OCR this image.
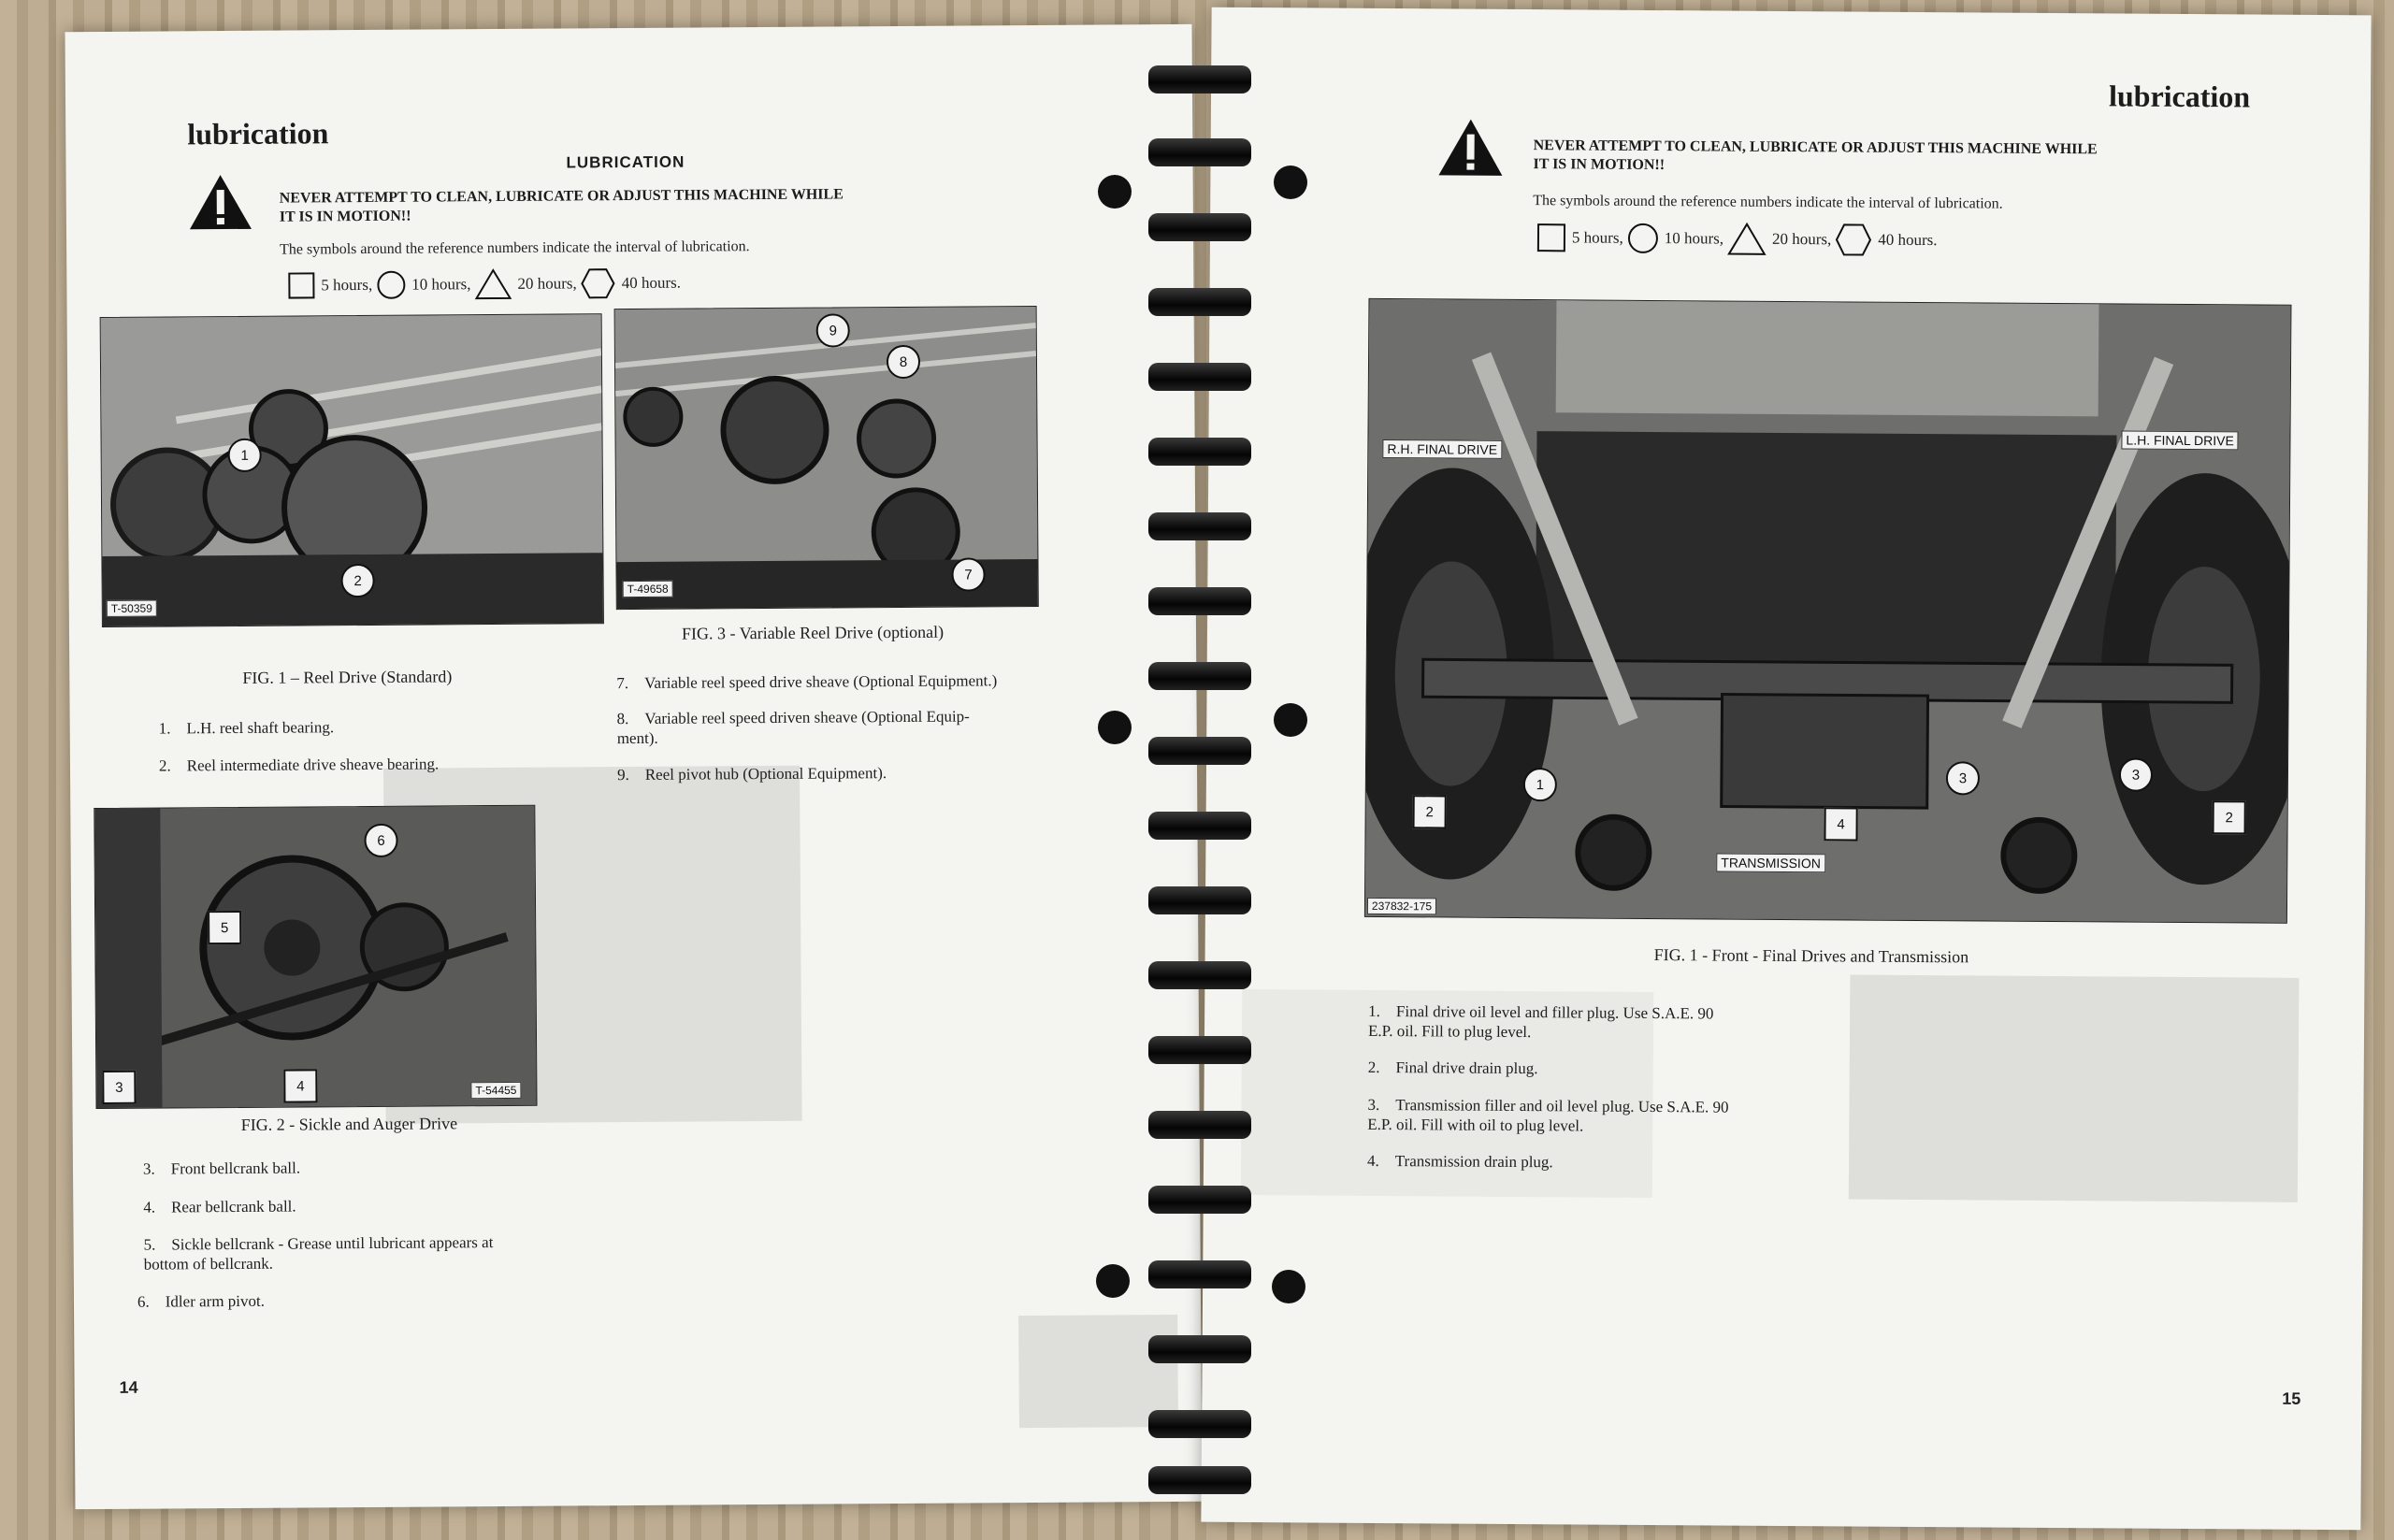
lubrication
LUBRICATION
NEVER ATTEMPT TO CLEAN, LUBRICATE OR ADJUST THIS MACHINE WHILE
IT IS IN MOTION!!
The symbols around the reference numbers indicate the interval of lubrication.
5 hours, 10 hours,	20 hours,	40 hours.
1
2
T-50359
FIG. 1 – Reel Drive (Standard)
9
8
7
T-49658
FIG. 3 - Variable Reel Drive (optional)
1. L.H. reel shaft bearing.
2. Reel intermediate drive sheave bearing.
7. Variable reel speed drive sheave (Optional Equipment.)
8. Variable reel speed driven sheave (Optional Equip-
ment).
9. Reel pivot hub (Optional Equipment).
6
5
3	4	T-54455
FIG. 2 - Sickle and Auger Drive
3. Front bellcrank ball.
4. Rear bellcrank ball.
5. Sickle bellcrank - Grease until lubricant appears at
bottom of bellcrank.
6. Idler arm pivot.
14
lubrication
NEVER ATTEMPT TO CLEAN, LUBRICATE OR ADJUST THIS MACHINE WHILE
IT IS IN MOTION!!
The symbols around the reference numbers indicate the interval of lubrication.
5 hours,	10 hours,	20 hours,	40 hours.
R.H. FINAL DRIVE
L.H. FINAL DRIVE
TRANSMISSION
1
2
3
4
3
2
237832-175
FIG. 1 - Front - Final Drives and Transmission
1. Final drive oil level and filler plug. Use S.A.E. 90
E.P. oil. Fill to plug level.
2. Final drive drain plug.
3. Transmission filler and oil level plug. Use S.A.E. 90
E.P. oil. Fill with oil to plug level.
4. Transmission drain plug.
15
